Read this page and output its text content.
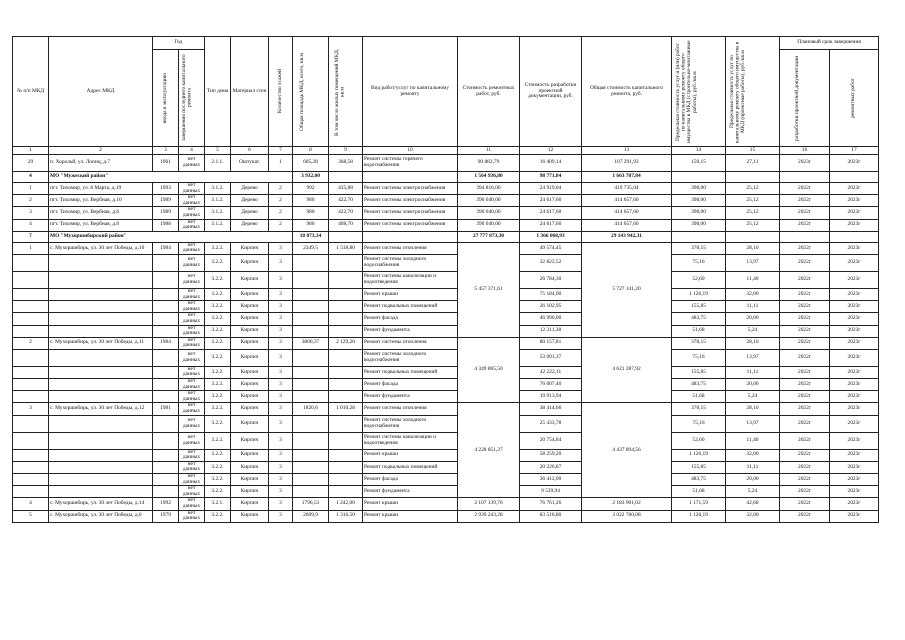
№ п/п МКД	Адрес МКД	Год		Тип дома	Материал стен	Количество этажей	Общая площадь МКД, всего, кв.м	В том числе жилых помещений МКД, кв.м	Вид работ/услуг по капитальному ремонту	Стоимость ремонтных работ, руб.	Стоимость разработки проектной документации, руб.	Общая стоимость капитального ремонта, руб.	Предельная стоимость услуг и (или) работ по капитальному ремонту общего имущества в МКД (строительно-монтажные работы), руб./кв.м	Предельная стоимость услуг по капитальному ремонту общего имущества в МКД (проектные работы), руб./кв.м	Плановый срок завершения	

		ввода в эксплуатацию	завершения последнего капитального ремонта												разработки проектной документации	ремонтных работ

1	2	3	4	5	6	7	8	9	10	11	12	13	14	15	16	17
29	п. Хорольй, ул. Лопиц, д.7	1961	нет данных	2.1.1.	Оштукат.	1	605,28	368,58	Ремонт системы горячего водоснабжения	90 882,79	16 409,14	107 291,93	150,15	27,11	2023г	2023г
4	МО "Мужеский район"						3 932,00			1 564 936,80	98 771,84	1 663 707,84				
1	пгт. Тихомир, ул. 8 Марта, д.19	1993	нет данных	3.1.2.	Дерево	2	992	435,88	Ремонт системы электроснабжения	394 816,00	24 919,04	419 735,04	398,00	25,12	2022г	2023г
2	пгт. Тихомир, ул. Вербная, д.10	1989	нет данных	3.1.2.	Дерево	2	980	422,70	Ремонт системы электроснабжения	390 040,00	24 617,60	414 657,60	398,00	25,12	2022г	2023г
3	пгт. Тихомир, ул. Вербная, д.6	1989	нет данных	3.1.2.	Дерево	2	980	422,70	Ремонт системы электроснабжения	390 040,00	24 617,60	414 657,60	398,00	25,12	2022г	2023г
4	пгт. Тихомир, ул. Вербная, д.8	1988	нет данных	3.1.2.	Дерево	2	980	408,70	Ремонт системы электроснабжения	390 040,00	24 617,60	414 657,60	398,00	25,12	2022г	2023г
7	МО "Мухоршибирский район"						18 073,34			27 777 873,30	1 366 068,93	29 143 942,31				
1	с. Мухоршибирь, ул. 30 лет Победы, д.10	1984	нет данных	3.2.2.	Кирпич	3	2349,5	1 518,80	Ремонт системы отопления	5 457 371,61	49 574,45	5 727 141,20	378,15	28,10	2022г	2023г
			нет данных	3.2.2.	Кирпич	3			Ремонт системы холодного водоснабжения		32 822,52		75,16	13,97	2022г	2023г
			нет данных	3.2.2.	Кирпич	3			Ремонт системы канализации и водоотведения		26 784,30		52,60	11,40	2022г	2023г
			нет данных	3.2.2.	Кирпич	3			Ремонт крыши		75 184,00		1 126,19	32,00	2022г	2023г
			нет данных	3.2.2.	Кирпич	3			Ремонт подвальных помещений		26 102,95		155,85	11,11	2022г	2023г
			нет данных	3.2.2.	Кирпич	3			Ремонт фасада		46 990,00		483,75	20,00	2022г	2023г
			нет данных	3.2.2.	Кирпич	3			Ремонт фундамента		12 311,38		51,68	5,24	2022г	2023г
2	с. Мухоршибирь, ул. 30 лет Победы, д.11	1984	нет данных	3.2.2.	Кирпич	3	3800,37	2 129,20	Ремонт системы отопления	4 349 865,50	80 157,81	4 621 287,92	378,15	28,10	2022г	2023г
			нет данных	3.2.2.	Кирпич	3			Ремонт системы холодного водоснабжения		53 091,37		75,16	13,97	2022г	2023г
			нет данных	3.2.2.	Кирпич	3			Ремонт подвальных помещений		42 222,11		155,85	11,11	2022г	2023г
			нет данных	3.2.2.	Кирпич	3			Ремонт фасада		76 007,40		483,75	20,00	2022г	2023г
			нет данных	3.2.2.	Кирпич	3			Ремонт фундамента		19 913,94		51,68	5,24	2022г	2023г
3	с. Мухоршибирь, ул. 30 лет Победы, д.12	1981	нет данных	3.2.2.	Кирпич	3	1820,6	1 010,28	Ремонт системы отопления	4 228 851,27	38 414,66	4 437 894,56	378,15	28,10	2022г	2023г
			нет данных	3.2.2.	Кирпич	3			Ремонт системы холодного водоснабжения		25 433,78		75,16	13,97	2022г	2023г
			нет данных	3.2.2.	Кирпич	3			Ремонт системы канализации и водоотведения		20 754,84		52,60	11,40	2022г	2023г
			нет данных	3.2.2.	Кирпич	3			Ремонт крыши		58 259,20		1 126,19	32,00	2022г	2023г
			нет данных	3.2.2.	Кирпич	3			Ремонт подвальных помещений		20 226,87		155,85	11,11	2022г	2023г
			нет данных	3.2.2.	Кирпич	3			Ремонт фасада		36 412,00		483,75	20,00	2022г	2023г
			нет данных	3.2.2.	Кирпич	3			Ремонт фундамента		9 539,94		51,68	5,24	2022г	2023г
4	с. Мухоршибирь, ул. 30 лет Победы, д.14	1992	нет данных	3.2.1.	Кирпич	3	1796,53	1 242,00	Ремонт крыши	2 107 139,76	76 761,26	2 183 901,02	1 171,59	42,68	2022г	2023г
5	с. Мухоршибирь, ул. 30 лет Победы, д.6	1979	нет данных	3.2.2.	Кирпич	3	2609,9	1 316,50	Ремонт крыши	2 939 243,28	83 516,80	3 022 760,08	1 126,19	32,00	2022г	2023г
